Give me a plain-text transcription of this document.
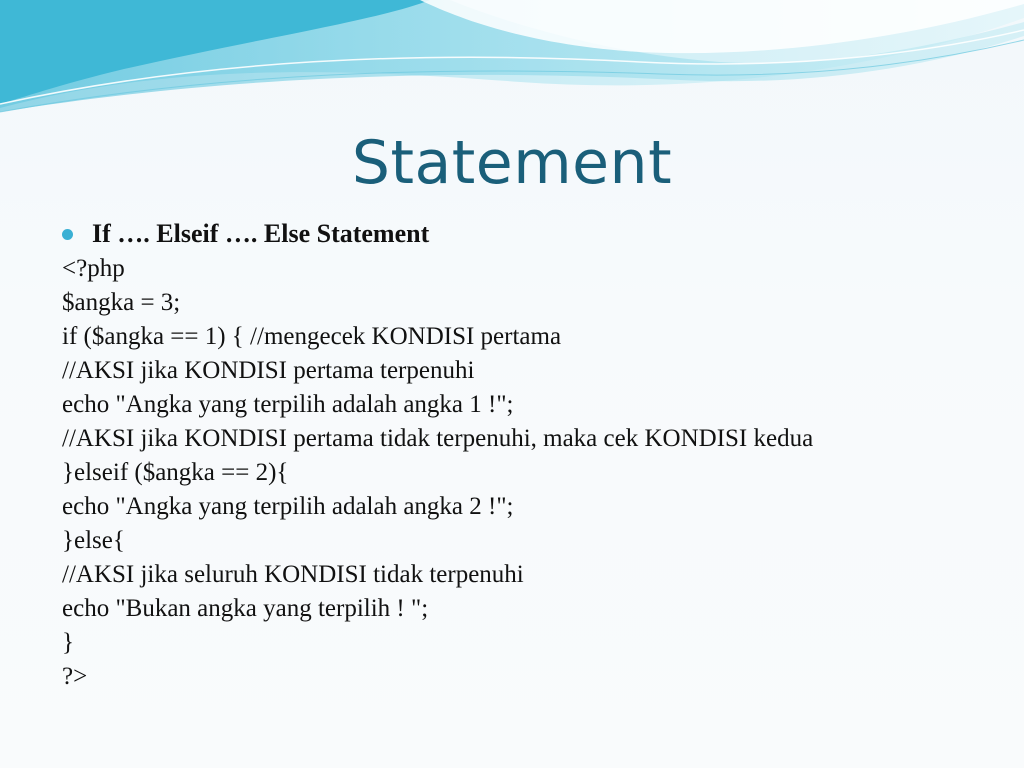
Statement
If …. Elseif …. Else Statement
<?php
$angka = 3;
if ($angka == 1) { //mengecek KONDISI pertama
//AKSI jika KONDISI pertama terpenuhi
echo "Angka yang terpilih adalah angka 1 !";
//AKSI jika KONDISI pertama tidak terpenuhi, maka cek KONDISI kedua
}elseif ($angka == 2){
echo "Angka yang terpilih adalah angka 2 !";
}else{
//AKSI jika seluruh KONDISI tidak terpenuhi
echo "Bukan angka yang terpilih ! ";
}
?>
